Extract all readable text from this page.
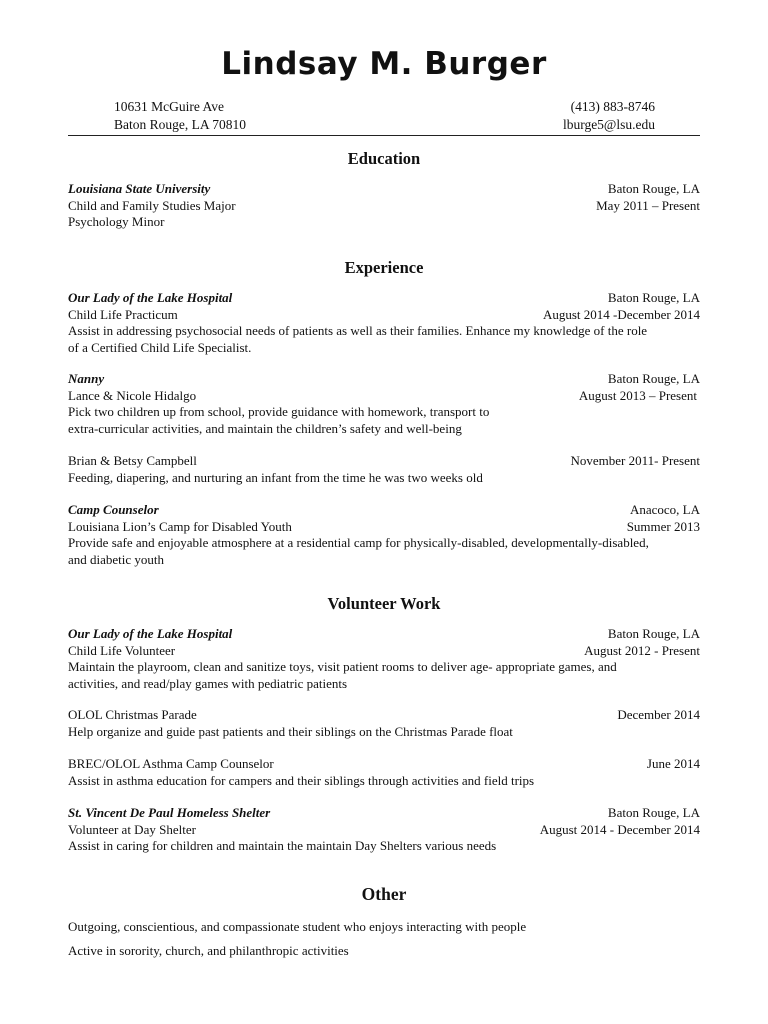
Lindsay M. Burger
10631 McGuire Ave
Baton Rouge, LA 70810
(413) 883-8746
lburge5@lsu.edu
Education
Louisiana State University	Baton Rouge, LA
Child and Family Studies Major	May 2011 – Present
Psychology Minor
Experience
Our Lady of the Lake Hospital	Baton Rouge, LA
Child Life Practicum	August 2014 -December 2014
Assist in addressing psychosocial needs of patients as well as their families. Enhance my knowledge of the role
of a Certified Child Life Specialist.
Nanny	Baton Rouge, LA
Lance & Nicole Hidalgo	August 2013 – Present
Pick two children up from school, provide guidance with homework, transport to
extra-curricular activities, and maintain the children’s safety and well-being
Brian & Betsy Campbell	November 2011- Present
Feeding, diapering, and nurturing an infant from the time he was two weeks old
Camp Counselor	Anacoco, LA
Louisiana Lion’s Camp for Disabled Youth	Summer 2013
Provide safe and enjoyable atmosphere at a residential camp for physically-disabled, developmentally-disabled,
and diabetic youth
Volunteer Work
Our Lady of the Lake Hospital	Baton Rouge, LA
Child Life Volunteer	August 2012 - Present
Maintain the playroom, clean and sanitize toys, visit patient rooms to deliver age- appropriate games, and
activities, and read/play games with pediatric patients
OLOL Christmas Parade	December 2014
Help organize and guide past patients and their siblings on the Christmas Parade float
BREC/OLOL Asthma Camp Counselor	June 2014
Assist in asthma education for campers and their siblings through activities and field trips
St. Vincent De Paul Homeless Shelter	Baton Rouge, LA
Volunteer at Day Shelter	August 2014 - December 2014
Assist in caring for children and maintain the maintain Day Shelters various needs
Other
Outgoing, conscientious, and compassionate student who enjoys interacting with people
Active in sorority, church, and philanthropic activities
